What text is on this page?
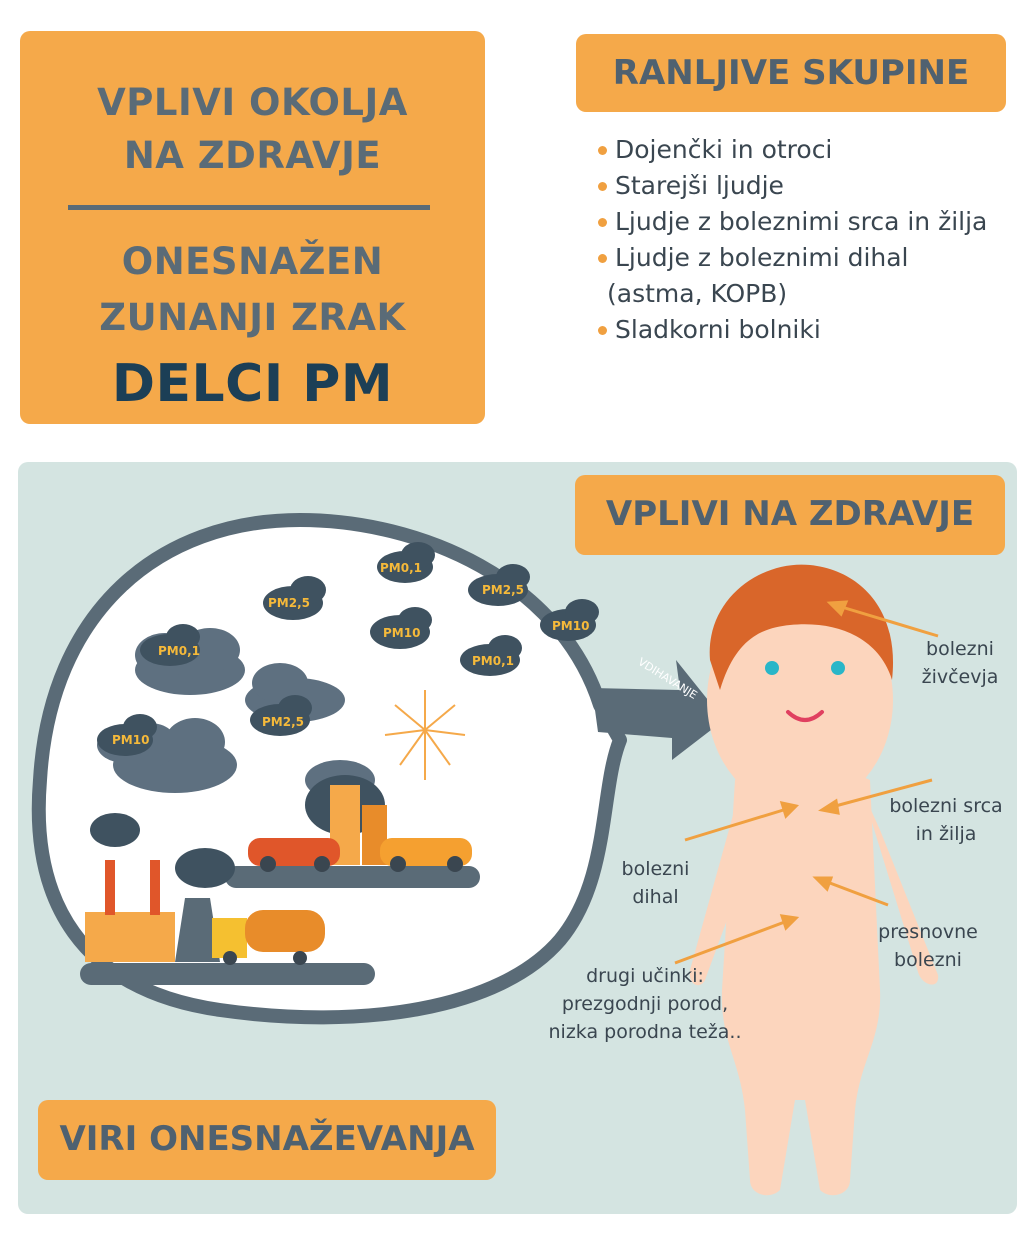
VPLIVI OKOLJA
NA ZDRAVJE
ONESNAŽEN
ZUNANJI ZRAK
DELCI PM
RANLJIVE SKUPINE
Dojenčki in otroci
Starejši ljudje
Ljudje z boleznimi srca in žilja
Ljudje z boleznimi dihal
(astma, KOPB)
Sladkorni bolniki
VDIHAVANJE
PM0,1
PM2,5
PM0,1
PM10
PM2,5
PM10
PM0,1
PM2,5
PM10
VPLIVI NA ZDRAVJE
VIRI ONESNAŽEVANJA
bolezni
živčevja
bolezni srca
in žilja
bolezni
dihal
presnovne
bolezni
drugi učinki:
prezgodnji porod,
nizka porodna teža..
